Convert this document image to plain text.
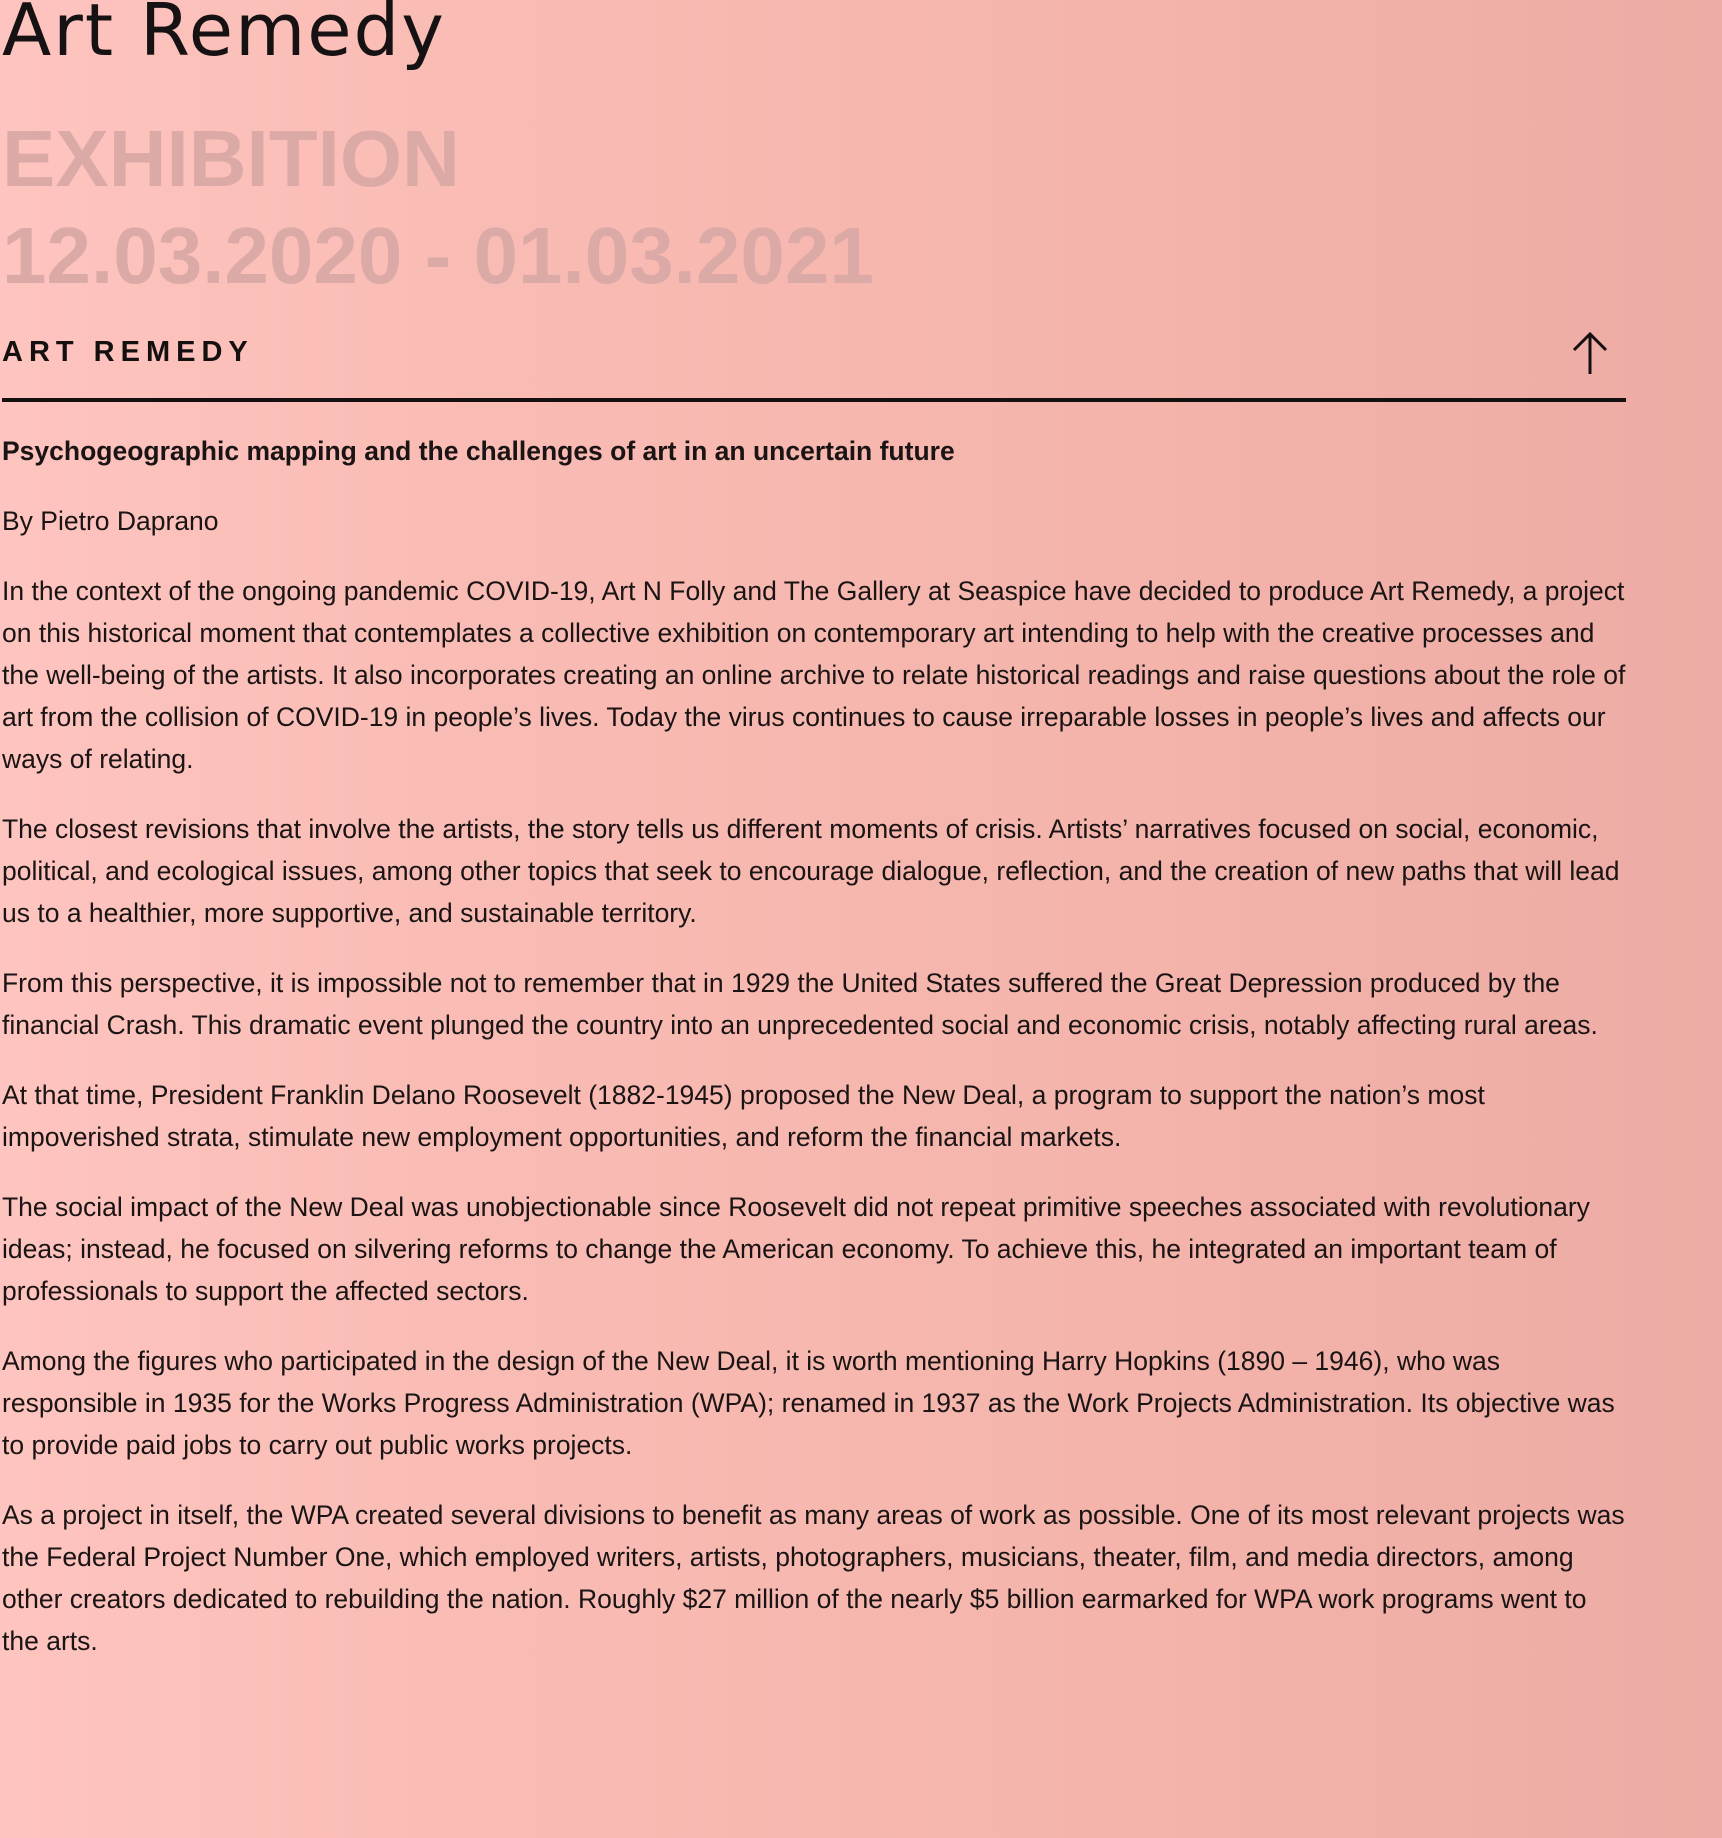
Art Remedy
EXHIBITION
12.03.2020 - 01.03.2021
ART REMEDY
Psychogeographic mapping and the challenges of art in an uncertain future

By Pietro Daprano

In the context of the ongoing pandemic COVID-19, Art N Folly and The Gallery at Seaspice have decided to produce Art Remedy, a project on this historical moment that contemplates a collective exhibition on contemporary art intending to help with the creative processes and the well-being of the artists. It also incorporates creating an online archive to relate historical readings and raise questions about the role of art from the collision of COVID-19 in people’s lives. Today the virus continues to cause irreparable losses in people’s lives and affects our ways of relating.

The closest revisions that involve the artists, the story tells us different moments of crisis. Artists’ narratives focused on social, economic, political, and ecological issues, among other topics that seek to encourage dialogue, reflection, and the creation of new paths that will lead us to a healthier, more supportive, and sustainable territory.

From this perspective, it is impossible not to remember that in 1929 the United States suffered the Great Depression produced by the financial Crash. This dramatic event plunged the country into an unprecedented social and economic crisis, notably affecting rural areas.

At that time, President Franklin Delano Roosevelt (1882-1945) proposed the New Deal, a program to support the nation’s most impoverished strata, stimulate new employment opportunities, and reform the financial markets.

The social impact of the New Deal was unobjectionable since Roosevelt did not repeat primitive speeches associated with revolutionary ideas; instead, he focused on silvering reforms to change the American economy. To achieve this, he integrated an important team of professionals to support the affected sectors.

Among the figures who participated in the design of the New Deal, it is worth mentioning Harry Hopkins (1890 – 1946), who was responsible in 1935 for the Works Progress Administration (WPA); renamed in 1937 as the Work Projects Administration. Its objective was to provide paid jobs to carry out public works projects.

As a project in itself, the WPA created several divisions to benefit as many areas of work as possible. One of its most relevant projects was the Federal Project Number One, which employed writers, artists, photographers, musicians, theater, film, and media directors, among other creators dedicated to rebuilding the nation. Roughly $27 million of the nearly $5 billion earmarked for WPA work programs went to the arts.
